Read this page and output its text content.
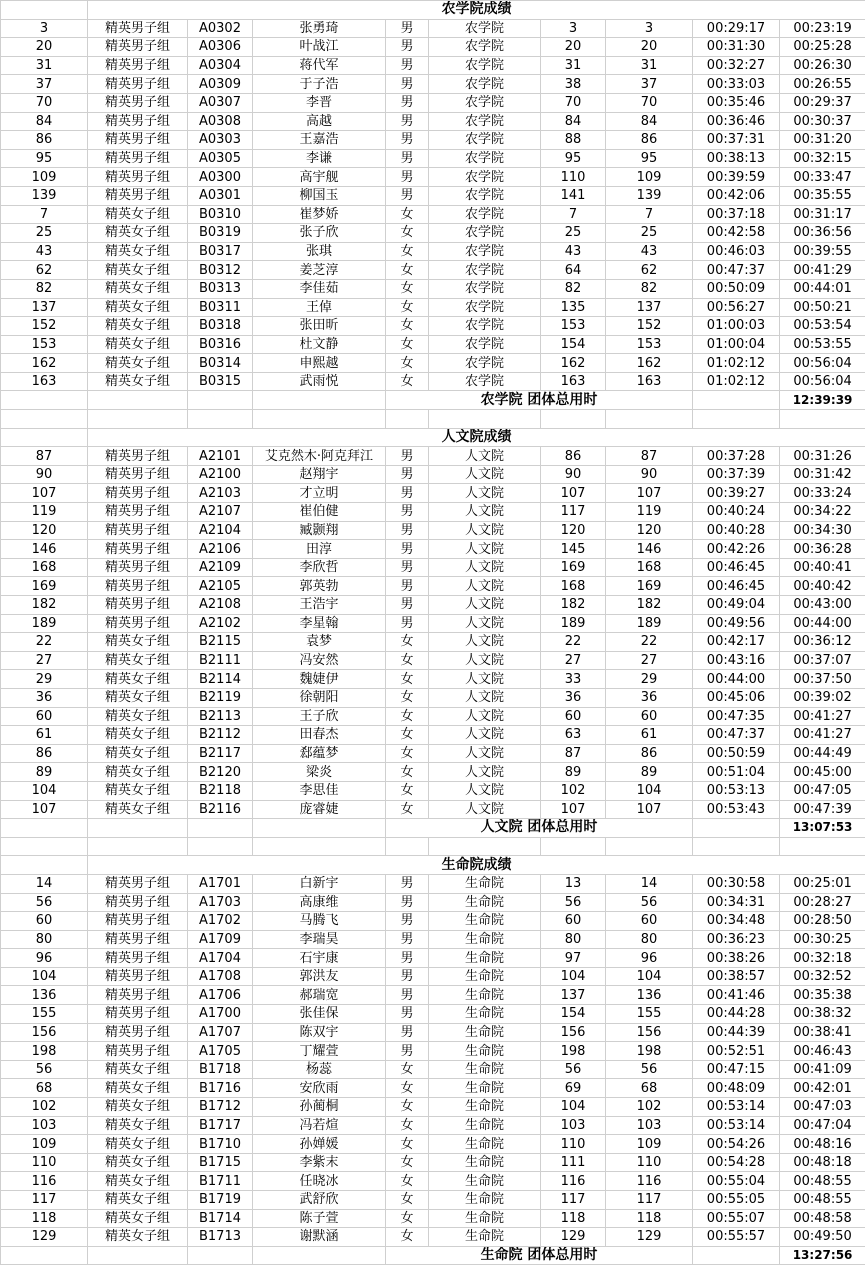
	农学院成绩								
3	精英男子组	A0302	张勇琦	男	农学院	3	3	00:29:17	00:23:19
20	精英男子组	A0306	叶战江	男	农学院	20	20	00:31:30	00:25:28
31	精英男子组	A0304	蒋代军	男	农学院	31	31	00:32:27	00:26:30
37	精英男子组	A0309	于子浩	男	农学院	38	37	00:33:03	00:26:55
70	精英男子组	A0307	李晋	男	农学院	70	70	00:35:46	00:29:37
84	精英男子组	A0308	高越	男	农学院	84	84	00:36:46	00:30:37
86	精英男子组	A0303	王嘉浩	男	农学院	88	86	00:37:31	00:31:20
95	精英男子组	A0305	李谦	男	农学院	95	95	00:38:13	00:32:15
109	精英男子组	A0300	高宇舰	男	农学院	110	109	00:39:59	00:33:47
139	精英男子组	A0301	柳国玉	男	农学院	141	139	00:42:06	00:35:55
7	精英女子组	B0310	崔梦娇	女	农学院	7	7	00:37:18	00:31:17
25	精英女子组	B0319	张子欣	女	农学院	25	25	00:42:58	00:36:56
43	精英女子组	B0317	张琪	女	农学院	43	43	00:46:03	00:39:55
62	精英女子组	B0312	姜芝淳	女	农学院	64	62	00:47:37	00:41:29
82	精英女子组	B0313	李佳茹	女	农学院	82	82	00:50:09	00:44:01
137	精英女子组	B0311	王倬	女	农学院	135	137	00:56:27	00:50:21
152	精英女子组	B0318	张田昕	女	农学院	153	152	01:00:03	00:53:54
153	精英女子组	B0316	杜文静	女	农学院	154	153	01:00:04	00:53:55
162	精英女子组	B0314	申熙越	女	农学院	162	162	01:02:12	00:56:04
163	精英女子组	B0315	武雨悦	女	农学院	163	163	01:02:12	00:56:04
				农学院 团体总用时					12:39:39

	人文院成绩								
87	精英男子组	A2101	艾克然木·阿克拜江	男	人文院	86	87	00:37:28	00:31:26
90	精英男子组	A2100	赵翔宇	男	人文院	90	90	00:37:39	00:31:42
107	精英男子组	A2103	才立明	男	人文院	107	107	00:39:27	00:33:24
119	精英男子组	A2107	崔伯健	男	人文院	117	119	00:40:24	00:34:22
120	精英男子组	A2104	臧颢翔	男	人文院	120	120	00:40:28	00:34:30
146	精英男子组	A2106	田淳	男	人文院	145	146	00:42:26	00:36:28
168	精英男子组	A2109	李欣哲	男	人文院	169	168	00:46:45	00:40:41
169	精英男子组	A2105	郭英勃	男	人文院	168	169	00:46:45	00:40:42
182	精英男子组	A2108	王浩宇	男	人文院	182	182	00:49:04	00:43:00
189	精英男子组	A2102	李星翰	男	人文院	189	189	00:49:56	00:44:00
22	精英女子组	B2115	袁梦	女	人文院	22	22	00:42:17	00:36:12
27	精英女子组	B2111	冯安然	女	人文院	27	27	00:43:16	00:37:07
29	精英女子组	B2114	魏婕伊	女	人文院	33	29	00:44:00	00:37:50
36	精英女子组	B2119	徐朝阳	女	人文院	36	36	00:45:06	00:39:02
60	精英女子组	B2113	王子欣	女	人文院	60	60	00:47:35	00:41:27
61	精英女子组	B2112	田春杰	女	人文院	63	61	00:47:37	00:41:27
86	精英女子组	B2117	郄蕴梦	女	人文院	87	86	00:50:59	00:44:49
89	精英女子组	B2120	梁炎	女	人文院	89	89	00:51:04	00:45:00
104	精英女子组	B2118	李思佳	女	人文院	102	104	00:53:13	00:47:05
107	精英女子组	B2116	庞睿婕	女	人文院	107	107	00:53:43	00:47:39
				人文院 团体总用时					13:07:53

	生命院成绩								
14	精英男子组	A1701	白新宇	男	生命院	13	14	00:30:58	00:25:01
56	精英男子组	A1703	高康维	男	生命院	56	56	00:34:31	00:28:27
60	精英男子组	A1702	马腾飞	男	生命院	60	60	00:34:48	00:28:50
80	精英男子组	A1709	李瑞昊	男	生命院	80	80	00:36:23	00:30:25
96	精英男子组	A1704	石宇康	男	生命院	97	96	00:38:26	00:32:18
104	精英男子组	A1708	郭洪友	男	生命院	104	104	00:38:57	00:32:52
136	精英男子组	A1706	郝瑞宽	男	生命院	137	136	00:41:46	00:35:38
155	精英男子组	A1700	张佳保	男	生命院	154	155	00:44:28	00:38:32
156	精英男子组	A1707	陈双宇	男	生命院	156	156	00:44:39	00:38:41
198	精英男子组	A1705	丁耀萱	男	生命院	198	198	00:52:51	00:46:43
56	精英女子组	B1718	杨蕊	女	生命院	56	56	00:47:15	00:41:09
68	精英女子组	B1716	安欣雨	女	生命院	69	68	00:48:09	00:42:01
102	精英女子组	B1712	孙蔺桐	女	生命院	104	102	00:53:14	00:47:03
103	精英女子组	B1717	冯若煊	女	生命院	103	103	00:53:14	00:47:04
109	精英女子组	B1710	孙婵媛	女	生命院	110	109	00:54:26	00:48:16
110	精英女子组	B1715	李紫末	女	生命院	111	110	00:54:28	00:48:18
116	精英女子组	B1711	任晓冰	女	生命院	116	116	00:55:04	00:48:55
117	精英女子组	B1719	武舒欣	女	生命院	117	117	00:55:05	00:48:55
118	精英女子组	B1714	陈子萱	女	生命院	118	118	00:55:07	00:48:58
129	精英女子组	B1713	谢默涵	女	生命院	129	129	00:55:57	00:49:50
				生命院 团体总用时					13:27:56
